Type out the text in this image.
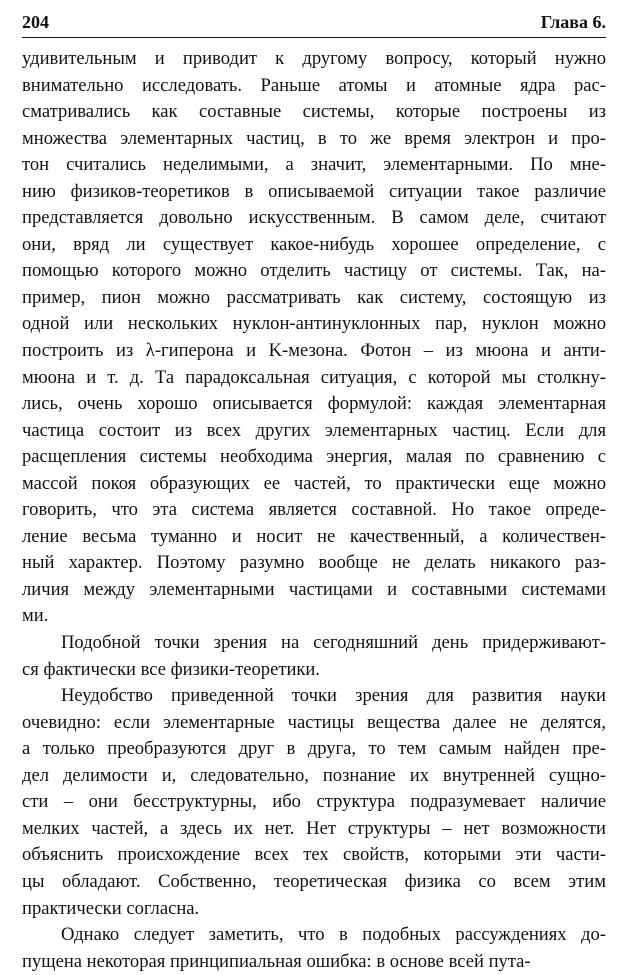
204	Глава 6.
удивительным и приводит к другому вопросу, который нужно
внимательно исследовать. Раньше атомы и атомные ядра рас-
сматривались как составные системы, которые построены из
множества элементарных частиц, в то же время электрон и про-
тон считались неделимыми, а значит, элементарными. По мне-
нию физиков-теоретиков в описываемой ситуации такое различие
представляется довольно искусственным. В самом деле, считают
они, вряд ли существует какое-нибудь хорошее определение, с
помощью которого можно отделить частицу от системы. Так, на-
пример, пион можно рассматривать как систему, состоящую из
одной или нескольких нуклон-антинуклонных пар, нуклон можно
построить из λ-гиперона и K-мезона. Фотон – из мюона и анти-
мюона и т. д. Та парадоксальная ситуация, с которой мы столкну-
лись, очень хорошо описывается формулой: каждая элементарная
частица состоит из всех других элементарных частиц. Если для
расщепления системы необходима энергия, малая по сравнению с
массой покоя образующих ее частей, то практически еще можно
говорить, что эта система является составной. Но такое опреде-
ление весьма туманно и носит не качественный, а количествен-
ный характер. Поэтому разумно вообще не делать никакого раз-
личия между элементарными частицами и составными системами
ми.
Подобной точки зрения на сегодняшний день придерживают-
ся фактически все физики-теоретики.
Неудобство приведенной точки зрения для развития науки
очевидно: если элементарные частицы вещества далее не делятся,
а только преобразуются друг в друга, то тем самым найден пре-
дел делимости и, следовательно, познание их внутренней сущно-
сти – они бесструктурны, ибо структура подразумевает наличие
мелких частей, а здесь их нет. Нет структуры – нет возможности
объяснить происхождение всех тех свойств, которыми эти части-
цы обладают. Собственно, теоретическая физика со всем этим
практически согласна.
Однако следует заметить, что в подобных рассуждениях до-
пущена некоторая принципиальная ошибка: в основе всей пута-
